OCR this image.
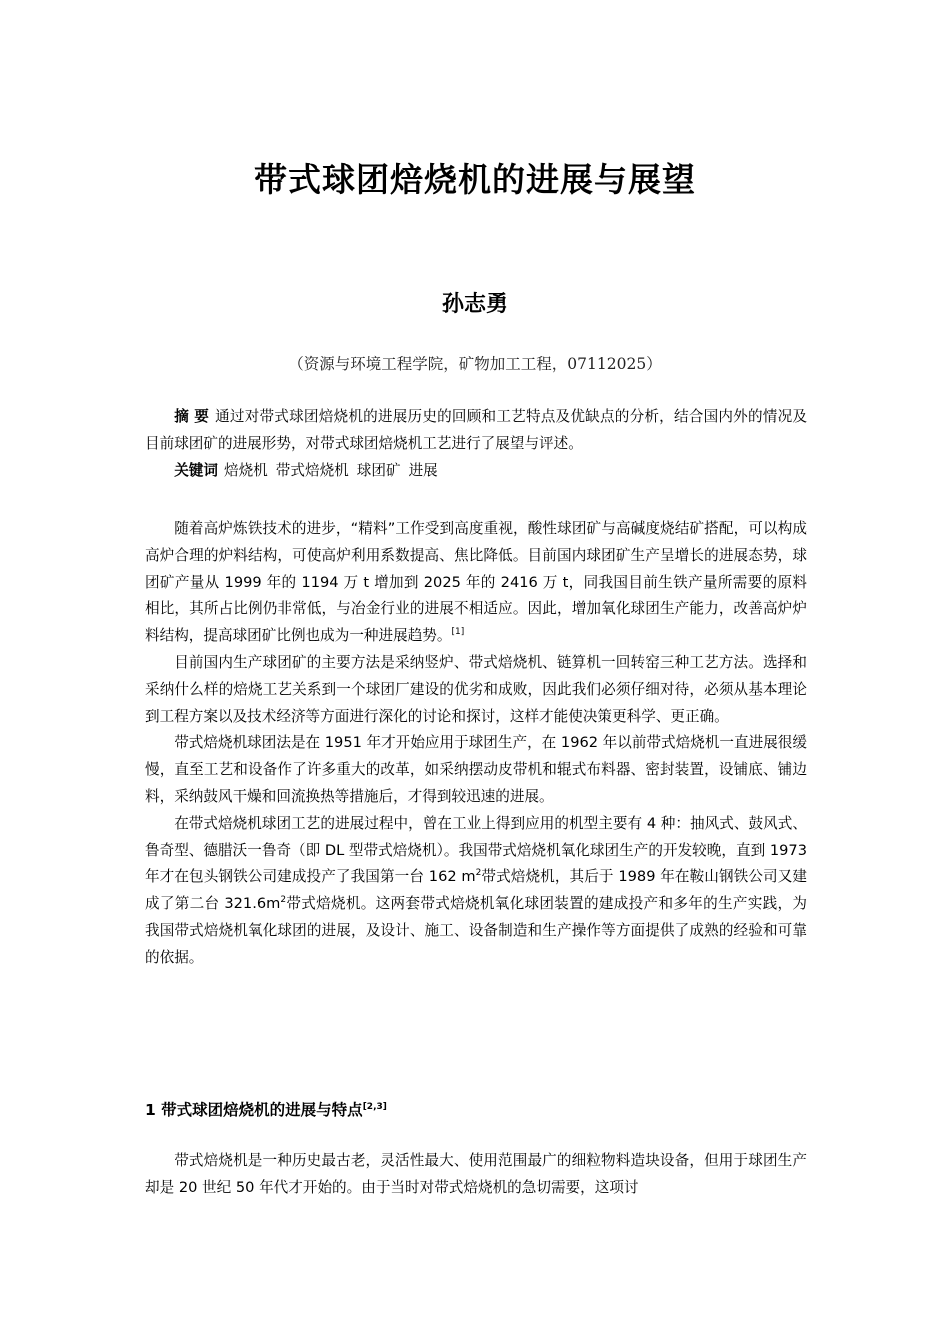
带式球团焙烧机的进展与展望
孙志勇
（资源与环境工程学院，矿物加工工程，07112025）

摘 要 通过对带式球团焙烧机的进展历史的回顾和工艺特点及优缺点的分析，结合国内外的情况及目前球团矿的进展形势，对带式球团焙烧机工艺进行了展望与评述。

关键词 焙烧机 带式焙烧机 球团矿 进展

随着高炉炼铁技术的进步，“精料”工作受到高度重视，酸性球团矿与高碱度烧结矿搭配，可以构成高炉合理的炉料结构，可使高炉利用系数提高、焦比降低。目前国内球团矿生产呈增长的进展态势，球团矿产量从 1999 年的 1194 万 t 增加到 2025 年的 2416 万 t，同我国目前生铁产量所需要的原料相比，其所占比例仍非常低，与冶金行业的进展不相适应。因此，增加氧化球团生产能力，改善高炉炉料结构，提高球团矿比例也成为一种进展趋势。[1]

目前国内生产球团矿的主要方法是采纳竖炉、带式焙烧机、链算机一回转窑三种工艺方法。选择和采纳什么样的焙烧工艺关系到一个球团厂建设的优劣和成败，因此我们必须仔细对待，必须从基本理论到工程方案以及技术经济等方面进行深化的讨论和探讨，这样才能使决策更科学、更正确。

带式焙烧机球团法是在 1951 年才开始应用于球团生产，在 1962 年以前带式焙烧机一直进展很缓慢，直至工艺和设备作了许多重大的改革，如采纳摆动皮带机和辊式布料器、密封装置，设铺底、铺边料，采纳鼓风干燥和回流换热等措施后，才得到较迅速的进展。

在带式焙烧机球团工艺的进展过程中，曾在工业上得到应用的机型主要有 4 种：抽风式、鼓风式、鲁奇型、德腊沃一鲁奇（即 DL 型带式焙烧机）。我国带式焙烧机氧化球团生产的开发较晚，直到 1973 年才在包头钢铁公司建成投产了我国第一台 162 $m^2$带式焙烧机，其后于 1989 年在鞍山钢铁公司又建成了第二台 $321.6m^2$带式焙烧机。这两套带式焙烧机氧化球团装置的建成投产和多年的生产实践，为我国带式焙烧机氧化球团的进展，及设计、施工、设备制造和生产操作等方面提供了成熟的经验和可靠的依据。

1 带式球团焙烧机的进展与特点[2,3]

带式焙烧机是一种历史最古老，灵活性最大、使用范围最广的细粒物料造块设备，但用于球团生产却是 20 世纪 50 年代才开始的。由于当时对带式焙烧机的急切需要，这项讨
